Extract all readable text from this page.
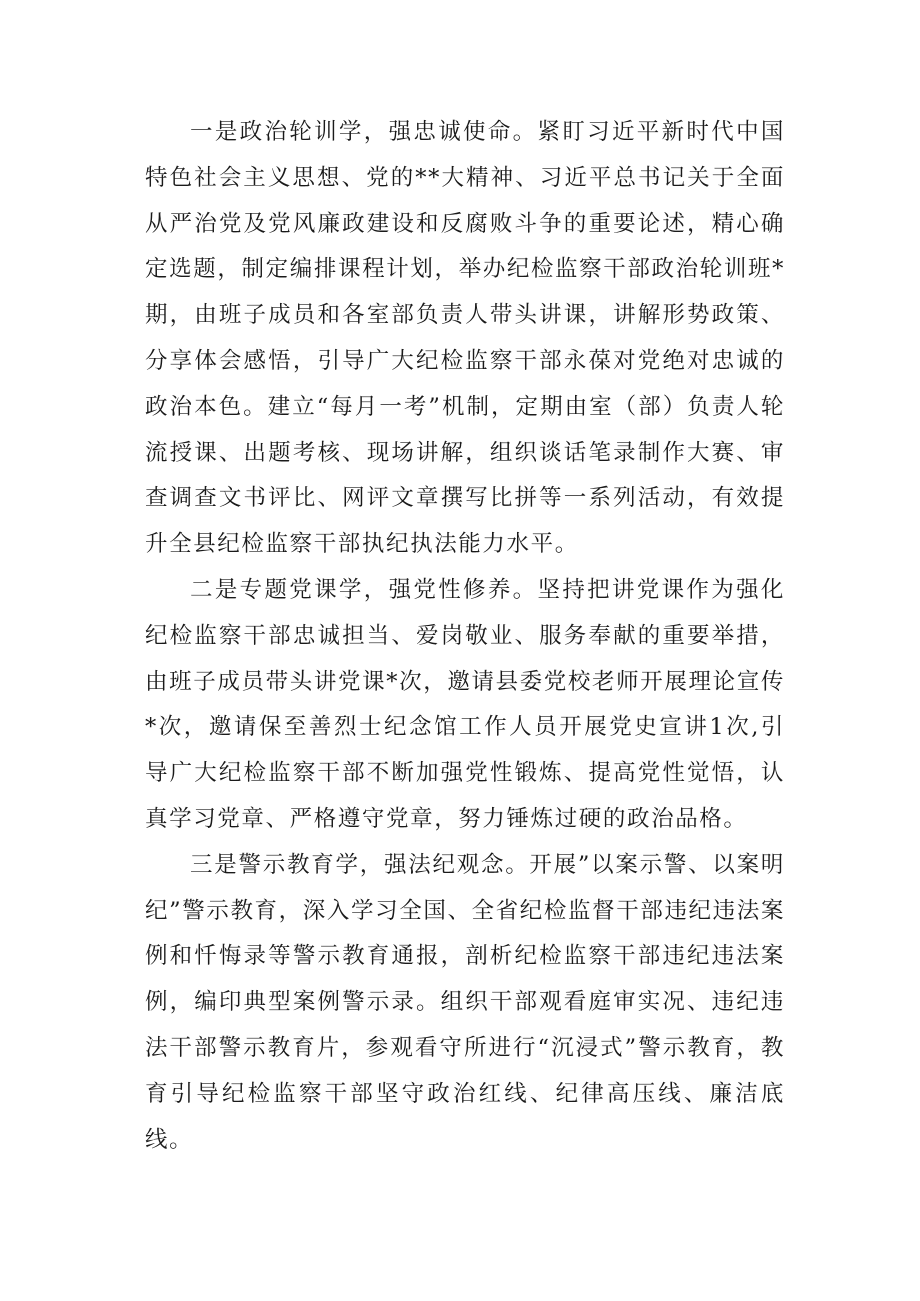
一是政治轮训学，强忠诚使命。紧盯习近平新时代中国特色社会主义思想、党的**大精神、习近平总书记关于全面从严治党及党风廉政建设和反腐败斗争的重要论述，精心确定选题，制定编排课程计划，举办纪检监察干部政治轮训班*期，由班子成员和各室部负责人带头讲课，讲解形势政策、分享体会感悟，引导广大纪检监察干部永葆对党绝对忠诚的政治本色。建立“每月一考”机制，定期由室（部）负责人轮流授课、出题考核、现场讲解，组织谈话笔录制作大赛、审查调查文书评比、网评文章撰写比拼等一系列活动，有效提升全县纪检监察干部执纪执法能力水平。

二是专题党课学，强党性修养。坚持把讲党课作为强化纪检监察干部忠诚担当、爱岗敬业、服务奉献的重要举措，由班子成员带头讲党课*次，邀请县委党校老师开展理论宣传*次，邀请保至善烈士纪念馆工作人员开展党史宣讲1次,引导广大纪检监察干部不断加强党性锻炼、提高党性觉悟，认真学习党章、严格遵守党章，努力锤炼过硬的政治品格。

三是警示教育学，强法纪观念。开展”以案示警、以案明纪”警示教育，深入学习全国、全省纪检监督干部违纪违法案例和忏悔录等警示教育通报，剖析纪检监察干部违纪违法案例，编印典型案例警示录。组织干部观看庭审实况、违纪违法干部警示教育片，参观看守所进行“沉浸式”警示教育，教育引导纪检监察干部坚守政治红线、纪律高压线、廉洁底线。
